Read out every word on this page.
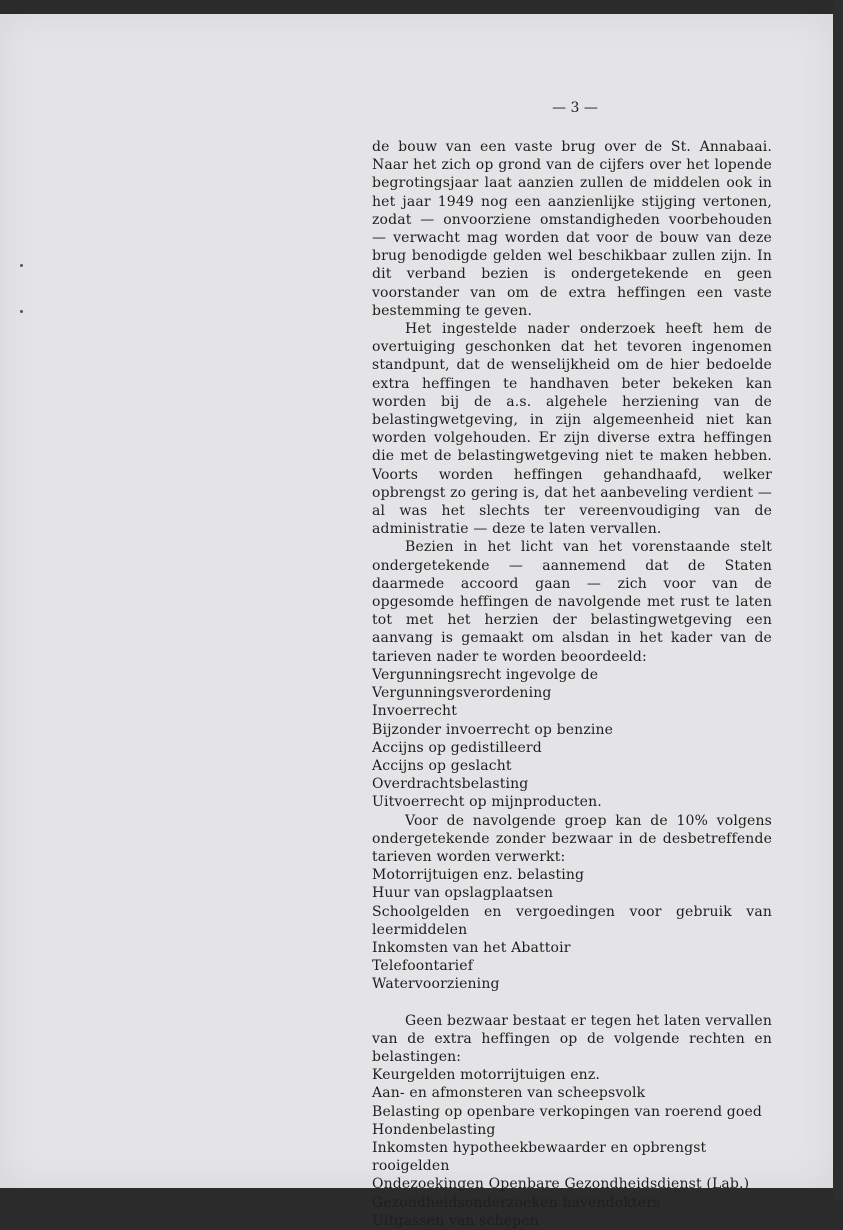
— 3 —

de bouw van een vaste brug over de St. Annabaai. Naar het zich op grond van de cijfers over het lopende begrotingsjaar laat aanzien zullen de middelen ook in het jaar 1949 nog een aanzienlijke stijging vertonen, zodat — onvoorziene omstandigheden voorbehouden — verwacht mag worden dat voor de bouw van deze brug benodigde gelden wel beschikbaar zullen zijn. In dit verband bezien is ondergetekende en geen voorstander van om de extra heffingen een vaste bestemming te geven.

Het ingestelde nader onderzoek heeft hem de overtuiging geschonken dat het tevoren ingenomen standpunt, dat de wenselijkheid om de hier bedoelde extra heffingen te handhaven beter bekeken kan worden bij de a.s. algehele herziening van de belastingwetgeving, in zijn algemeenheid niet kan worden volgehouden. Er zijn diverse extra heffingen die met de belastingwetgeving niet te maken hebben. Voorts worden heffingen gehandhaafd, welker opbrengst zo gering is, dat het aanbeveling verdient — al was het slechts ter vereenvoudiging van de administratie — deze te laten vervallen.

Bezien in het licht van het vorenstaande stelt ondergetekende — aannemend dat de Staten daarmede accoord gaan — zich voor van de opgesomde heffingen de navolgende met rust te laten tot met het herzien der belastingwetgeving een aanvang is gemaakt om alsdan in het kader van de tarieven nader te worden beoordeeld:

Vergunningsrecht ingevolge de Vergunningsverordening
Invoerrecht
Bijzonder invoerrecht op benzine
Accijns op gedistilleerd
Accijns op geslacht
Overdrachtsbelasting
Uitvoerrecht op mijnproducten.

Voor de navolgende groep kan de 10% volgens ondergetekende zonder bezwaar in de desbetreffende tarieven worden verwerkt:

Motorrijtuigen enz. belasting
Huur van opslagplaatsen
Schoolgelden en vergoedingen voor gebruik van leermiddelen
Inkomsten van het Abattoir
Telefoontarief
Watervoorziening

Geen bezwaar bestaat er tegen het laten vervallen van de extra heffingen op de volgende rechten en belastingen:

Keurgelden motorrijtuigen enz.
Aan- en afmonsteren van scheepsvolk
Belasting op openbare verkopingen van roerend goed
Hondenbelasting
Inkomsten hypotheekbewaarder en opbrengst rooigelden
Ondezoekingen Openbare Gezondheidsdienst (Lab.)
Gezondheidsonderzoeken havendokters
Uitgassen van schepen
